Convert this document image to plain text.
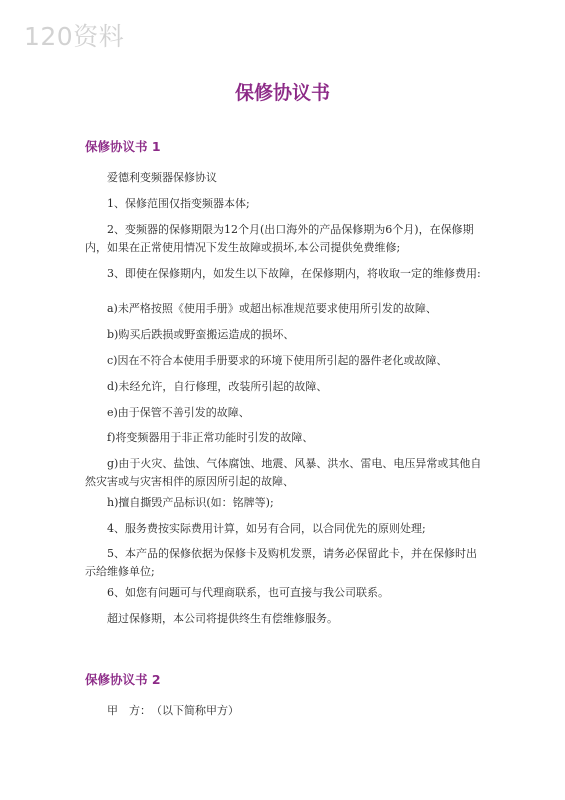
120资料
保修协议书
保修协议书 1

爱德利变频器保修协议

1、保修范围仅指变频器本体;

2、变频器的保修期限为12个月(出口海外的产品保修期为6个月)，在保修期内，如果在正常使用情况下发生故障或损坏,本公司提供免费维修;

3、即使在保修期内，如发生以下故障，在保修期内，将收取一定的维修费用:

a)未严格按照《使用手册》或超出标准规范要求使用所引发的故障、

b)购买后跌损或野蛮搬运造成的损坏、

c)因在不符合本使用手册要求的环境下使用所引起的器件老化或故障、

d)未经允许，自行修理，改装所引起的故障、

e)由于保管不善引发的故障、

f)将变频器用于非正常功能时引发的故障、

g)由于火灾、盐蚀、气体腐蚀、地震、风暴、洪水、雷电、电压异常或其他自然灾害或与灾害相伴的原因所引起的故障、

h)擅自撕毁产品标识(如：铭牌等);

4、服务费按实际费用计算，如另有合同，以合同优先的原则处理;

5、本产品的保修依据为保修卡及购机发票，请务必保留此卡，并在保修时出示给维修单位;

6、如您有问题可与代理商联系，也可直接与我公司联系。

超过保修期，本公司将提供终生有偿维修服务。

保修协议书 2

甲　方：　（以下简称甲方）
